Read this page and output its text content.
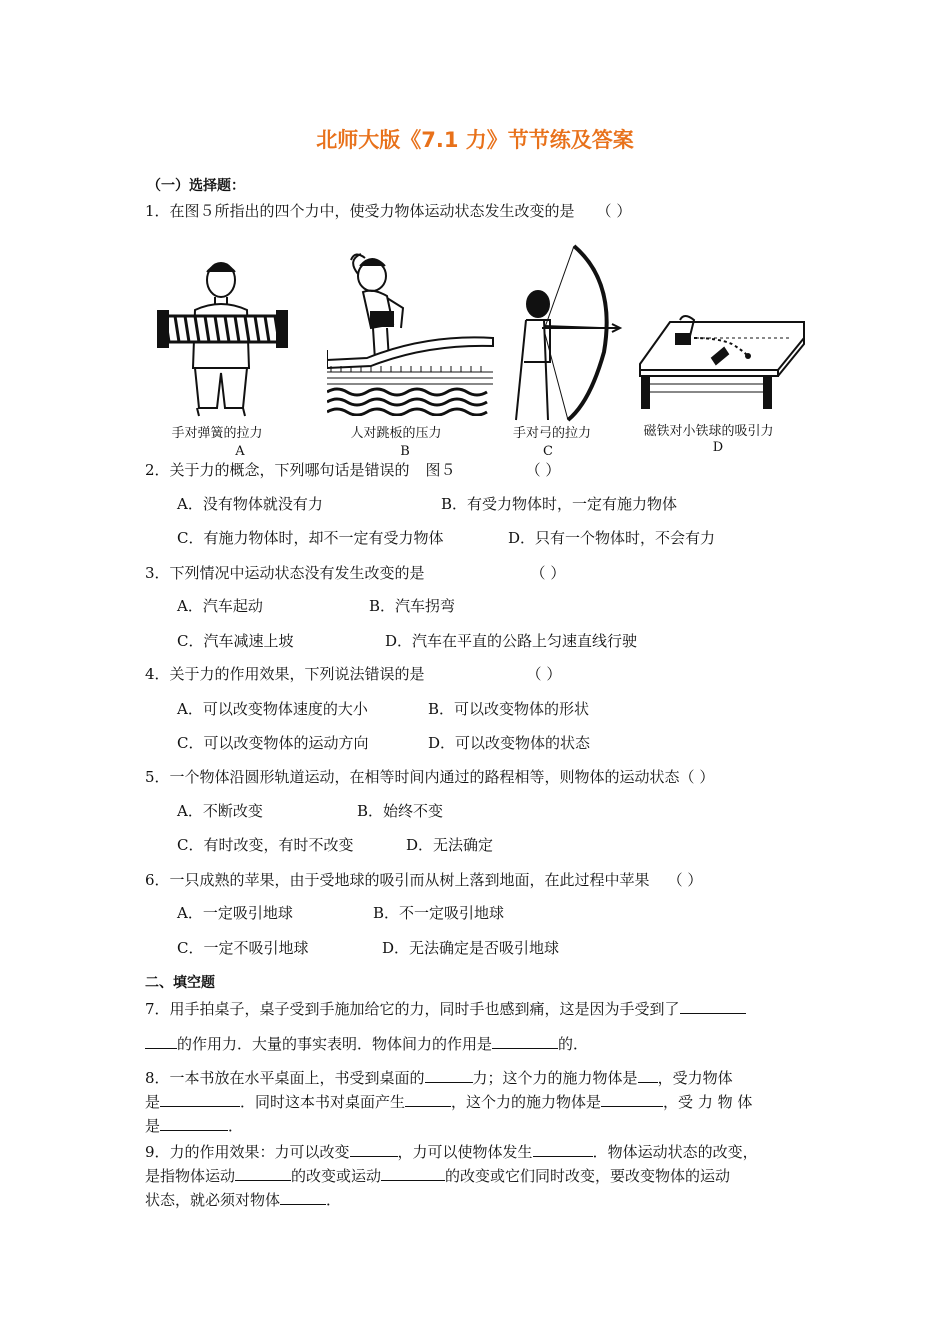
北师大版《7.1 力》节节练及答案
（一）选择题：
1．在图５所指出的四个力中，使受力物体运动状态发生改变的是 （ ）
手对弹簧的拉力
A
人对跳板的压力
B
手对弓的拉力
C
磁铁对小铁球的吸引力
D
2．关于力的概念，下列哪句话是错误的 图５	（ ）
A．没有物体就没有力	B．有受力物体时，一定有施力物体
C．有施力物体时，却不一定有受力物体	D．只有一个物体时，不会有力
3．下列情况中运动状态没有发生改变的是	（ ）
A．汽车起动	B．汽车拐弯
C．汽车减速上坡	D．汽车在平直的公路上匀速直线行驶
4．关于力的作用效果，下列说法错误的是	（ ）
A．可以改变物体速度的大小	B．可以改变物体的形状
C．可以改变物体的运动方向	D．可以改变物体的状态
5．一个物体沿圆形轨道运动，在相等时间内通过的路程相等，则物体的运动状态（ ）
A．不断改变	B．始终不变
C．有时改变，有时不改变	D．无法确定
6．一只成熟的苹果，由于受地球的吸引而从树上落到地面，在此过程中苹果 （ ）
A．一定吸引地球	B．不一定吸引地球
C．一定不吸引地球	D．无法确定是否吸引地球
二、填空题
7．用手拍桌子，桌子受到手施加给它的力，同时手也感到痛，这是因为手受到了
的作用力．大量的事实表明．物体间力的作用是	的．
8．一本书放在水平桌面上，书受到桌面的	力；这个力的施力物体是 ，受力物体
是	．同时这本书对桌面产生	，这个力的施力物体是	，受 力 物 体
是	．
9．力的作用效果：力可以改变	，力可以使物体发生	．物体运动状态的改变，
是指物体运动	的改变或运动	的改变或它们同时改变，要改变物体的运动
状态，就必须对物体	．
